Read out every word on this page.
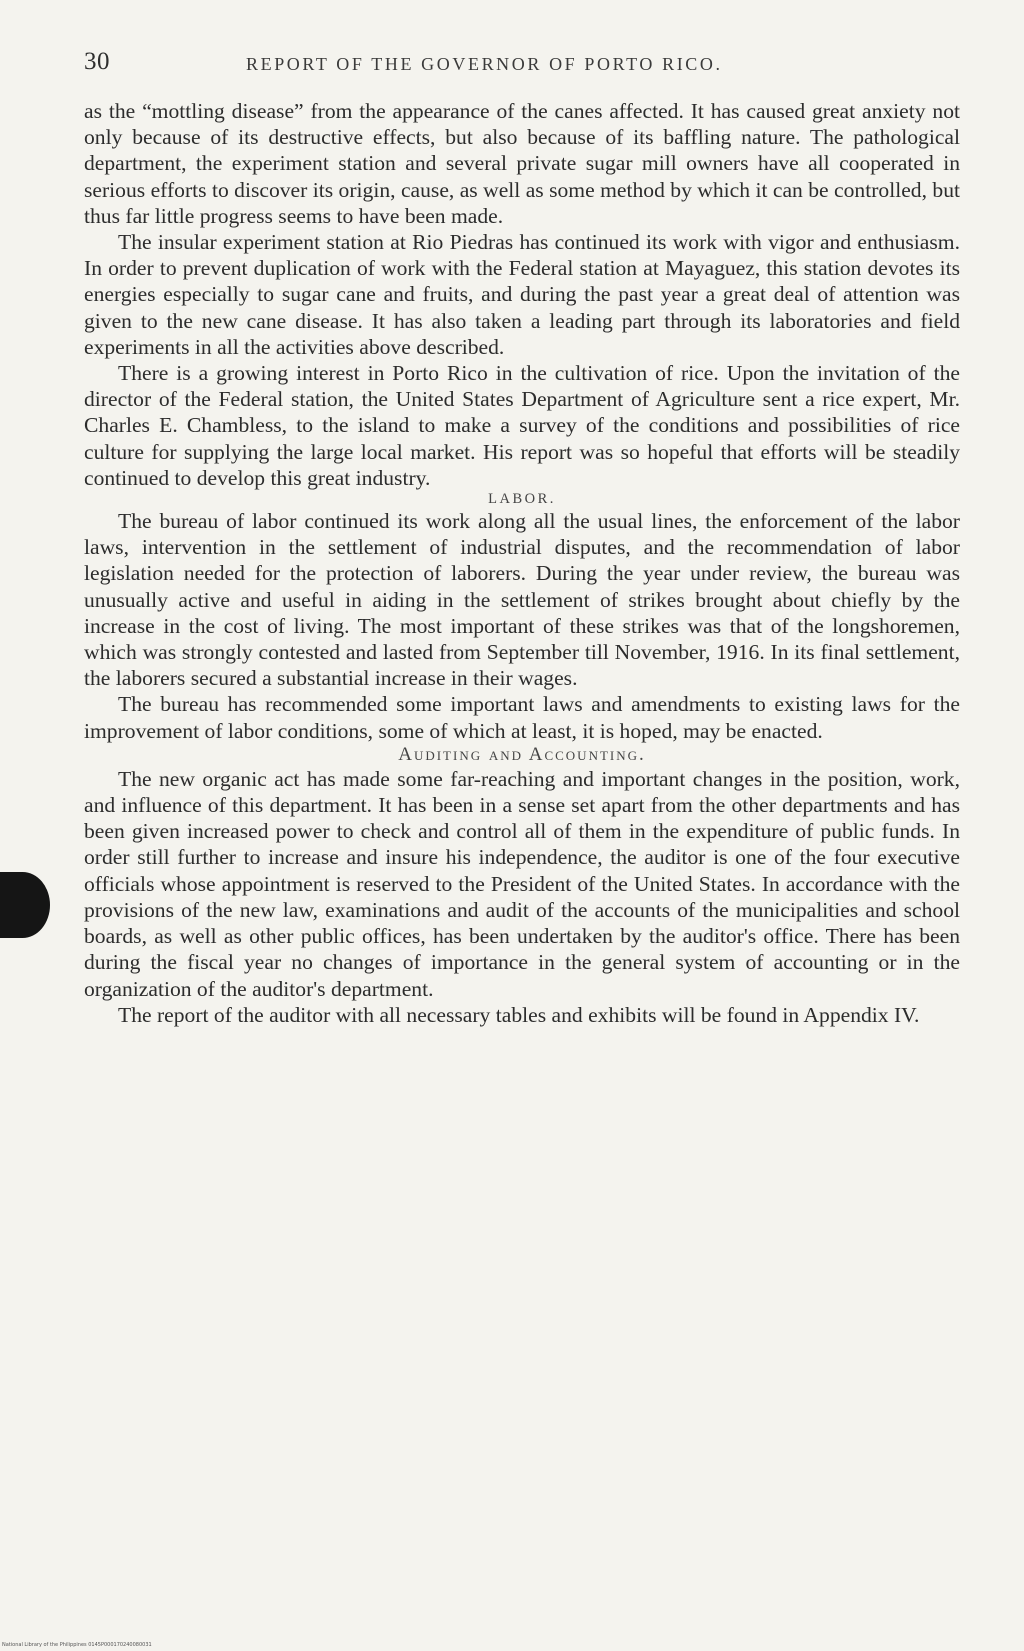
30	REPORT OF THE GOVERNOR OF PORTO RICO.

as the “mottling disease” from the appearance of the canes affected. It has caused great anxiety not only because of its destructive effects, but also because of its baffling nature. The pathological department, the experiment station and several private sugar mill owners have all cooperated in serious efforts to discover its origin, cause, as well as some method by which it can be controlled, but thus far little progress seems to have been made.

The insular experiment station at Rio Piedras has continued its work with vigor and enthusiasm. In order to prevent duplication of work with the Federal station at Mayaguez, this station devotes its energies especially to sugar cane and fruits, and during the past year a great deal of attention was given to the new cane disease. It has also taken a leading part through its laboratories and field experiments in all the activities above described.

There is a growing interest in Porto Rico in the cultivation of rice. Upon the invitation of the director of the Federal station, the United States Department of Agriculture sent a rice expert, Mr. Charles E. Chambless, to the island to make a survey of the conditions and possibilities of rice culture for supplying the large local market. His report was so hopeful that efforts will be steadily continued to develop this great industry.

LABOR.

The bureau of labor continued its work along all the usual lines, the enforcement of the labor laws, intervention in the settlement of industrial disputes, and the recommendation of labor legislation needed for the protection of laborers. During the year under review, the bureau was unusually active and useful in aiding in the settlement of strikes brought about chiefly by the increase in the cost of living. The most important of these strikes was that of the longshoremen, which was strongly contested and lasted from September till November, 1916. In its final settlement, the laborers secured a substantial increase in their wages.

The bureau has recommended some important laws and amendments to existing laws for the improvement of labor conditions, some of which at least, it is hoped, may be enacted.

Auditing and Accounting.

The new organic act has made some far-reaching and important changes in the position, work, and influence of this department. It has been in a sense set apart from the other departments and has been given increased power to check and control all of them in the expenditure of public funds. In order still further to increase and insure his independence, the auditor is one of the four executive officials whose appointment is reserved to the President of the United States. In accordance with the provisions of the new law, examinations and audit of the accounts of the municipalities and school boards, as well as other public offices, has been undertaken by the auditor's office. There has been during the fiscal year no changes of importance in the general system of accounting or in the organization of the auditor's department.

The report of the auditor with all necessary tables and exhibits will be found in Appendix IV.

National Library of the Philippines 0145P000170240080031
